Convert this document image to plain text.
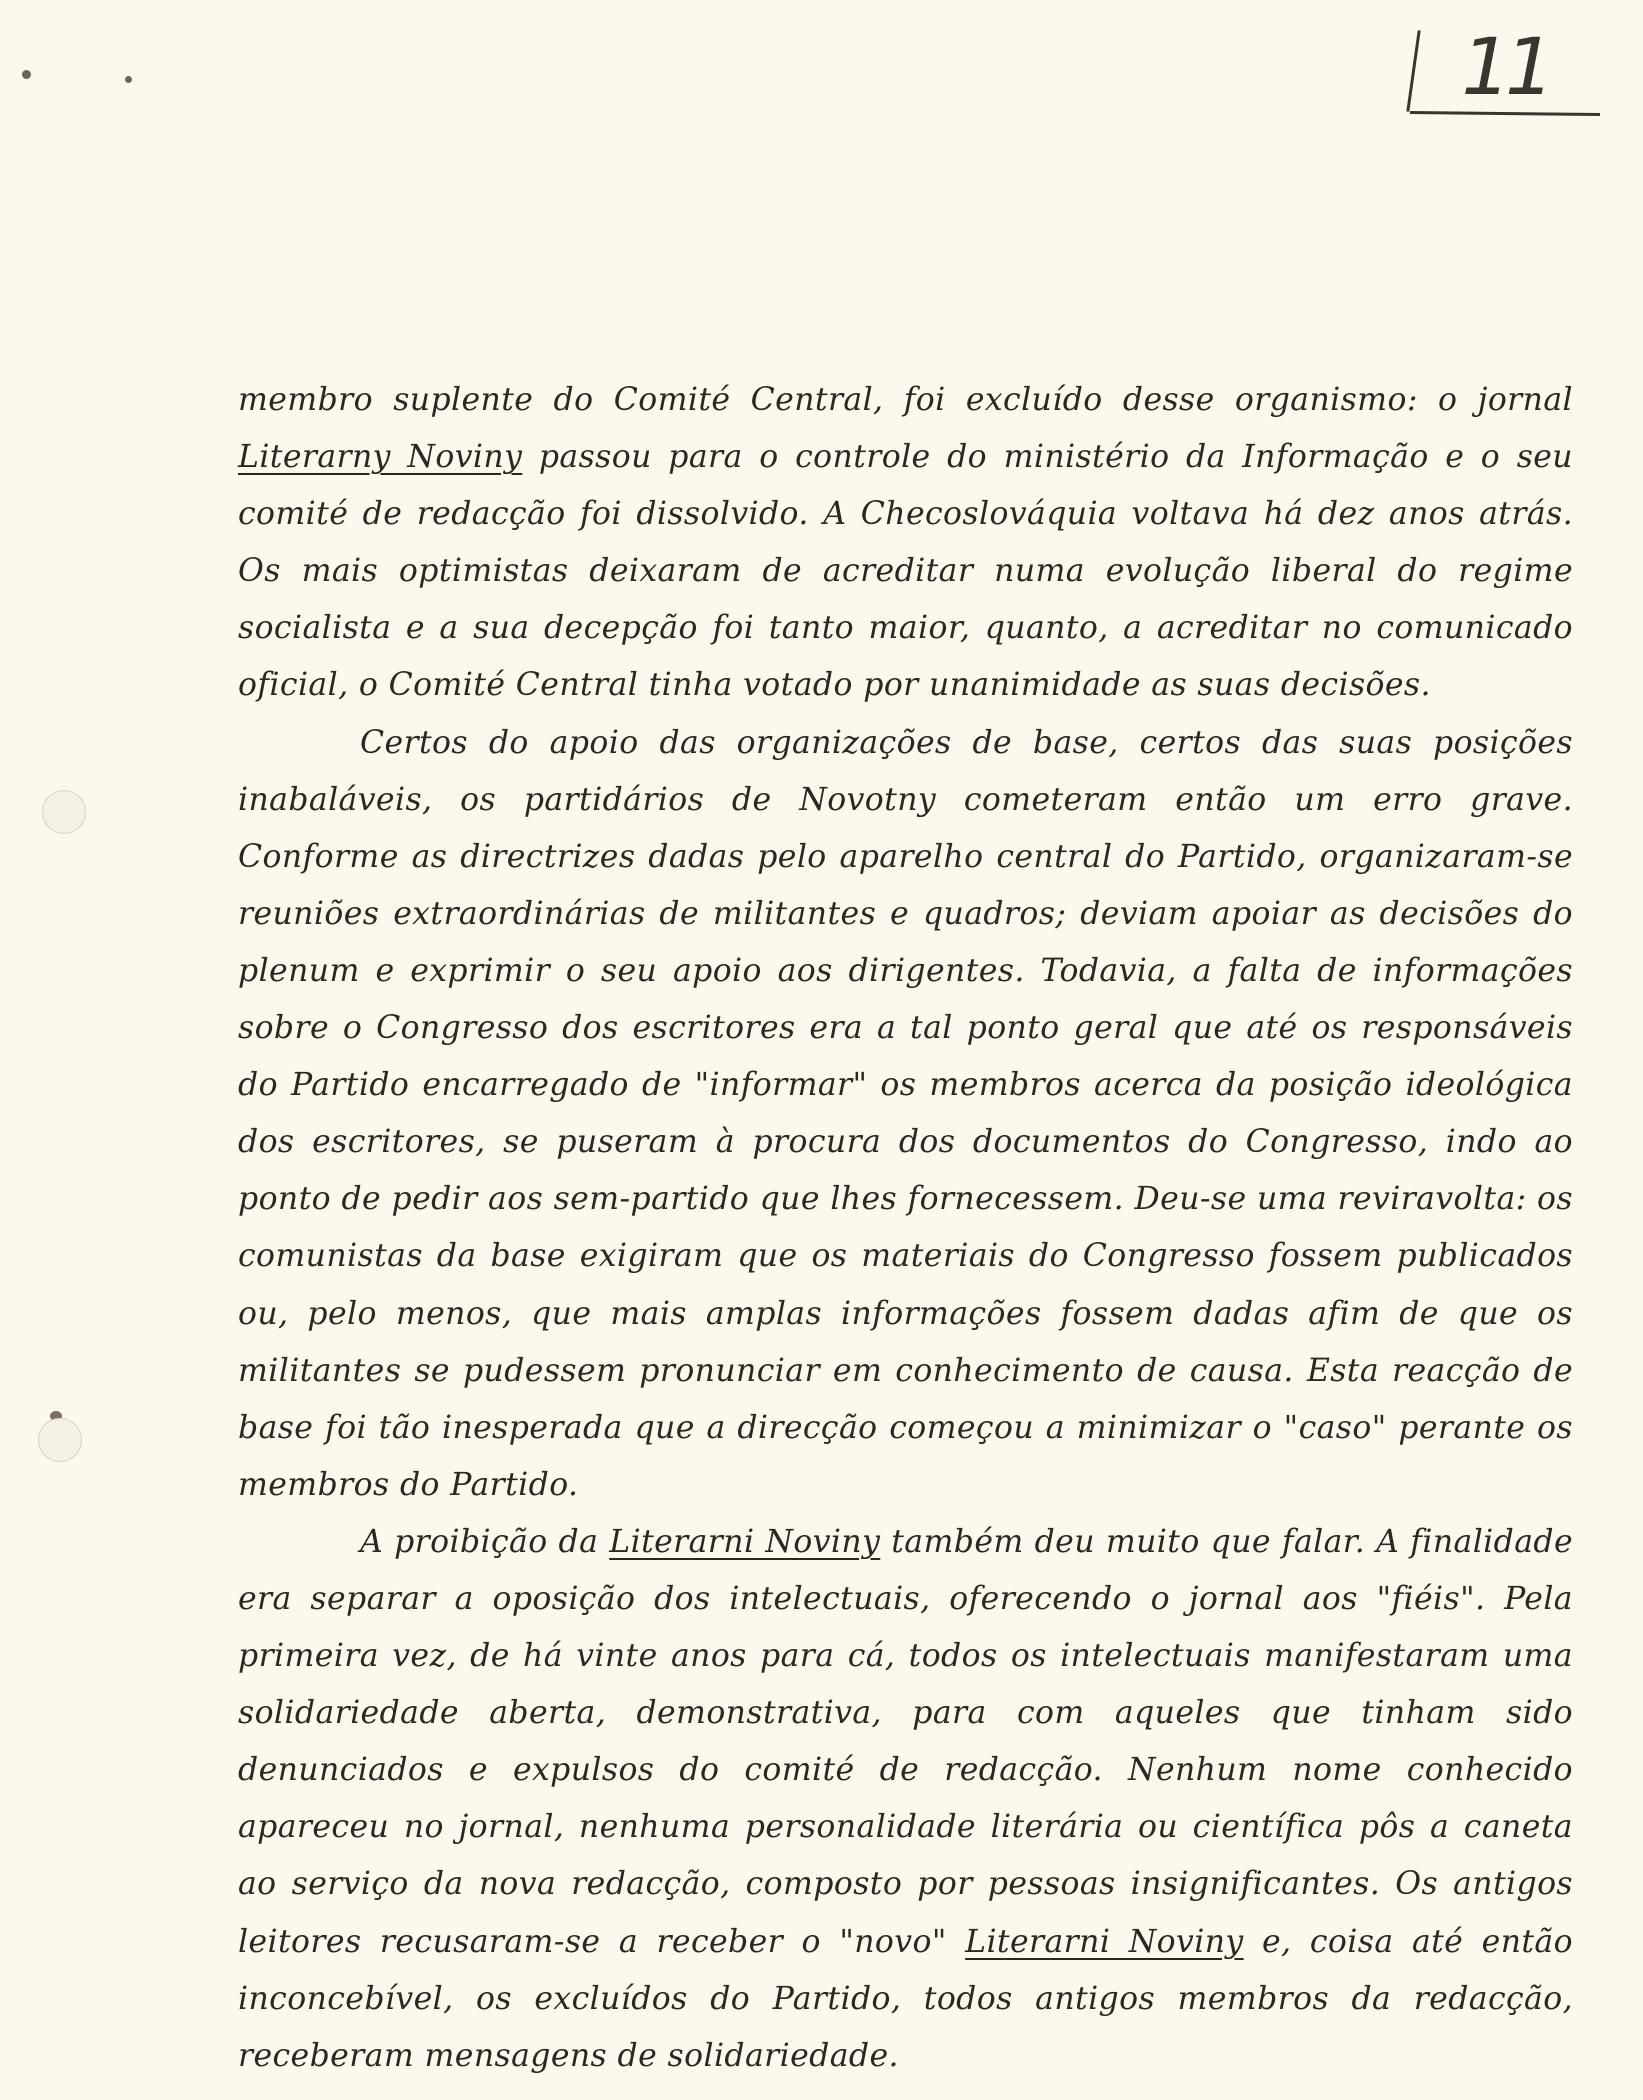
11

membro suplente do Comité Central, foi excluído desse organismo: o jornal Literarny Noviny passou para o controle do ministério da Informação e o seu comité de redacção foi dissolvido. A Checoslováquia voltava há dez anos atrás. Os mais optimistas deixaram de acreditar numa evolução liberal do regime socialista e a sua decepção foi tanto maior, quanto, a acreditar no comunicado oficial, o Comité Central tinha votado por unanimidade as suas decisões.

Certos do apoio das organizações de base, certos das suas posições inabaláveis, os partidários de Novotny cometeram então um erro grave. Conforme as directrizes dadas pelo aparelho central do Partido, organizaram-se reuniões extraordinárias de militantes e quadros; deviam apoiar as decisões do plenum e exprimir o seu apoio aos dirigentes. Todavia, a falta de informações sobre o Congresso dos escritores era a tal ponto geral que até os responsáveis do Partido encarregado de "informar" os membros acerca da posição ideológica dos escritores, se puseram à procura dos documentos do Congresso, indo ao ponto de pedir aos sem-partido que lhes fornecessem. Deu-se uma reviravolta: os comunistas da base exigiram que os materiais do Congresso fossem publicados ou, pelo menos, que mais amplas informações fossem dadas afim de que os militantes se pudessem pronunciar em conhecimento de causa. Esta reacção de base foi tão inesperada que a direcção começou a minimizar o "caso" perante os membros do Partido.

A proibição da Literarni Noviny também deu muito que falar. A finalidade era separar a oposição dos intelectuais, oferecendo o jornal aos "fiéis". Pela primeira vez, de há vinte anos para cá, todos os intelectuais manifestaram uma solidariedade aberta, demonstrativa, para com aqueles que tinham sido denunciados e expulsos do comité de redacção. Nenhum nome conhecido apareceu no jornal, nenhuma personalidade literária ou científica pôs a caneta ao serviço da nova redacção, composto por pessoas insignificantes. Os antigos leitores recusaram-se a receber o "novo" Literarni Noviny e, coisa até então inconcebível, os excluídos do Partido, todos antigos membros da redacção, receberam mensagens de solidariedade.
